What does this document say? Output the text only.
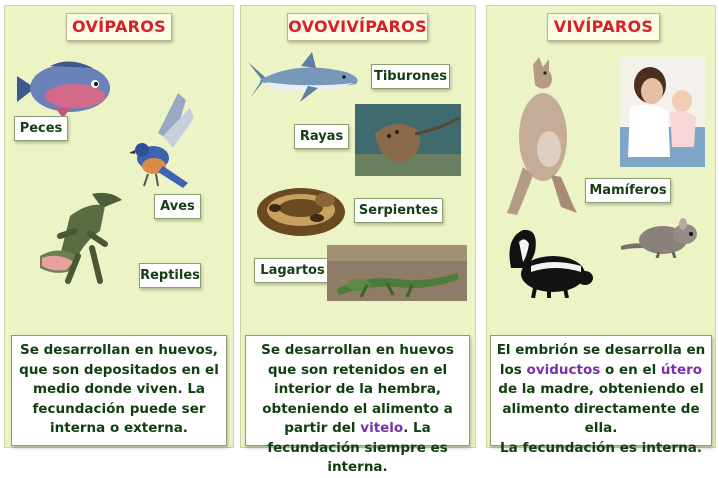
OVÍPAROS
Peces
Aves
Reptiles
Se desarrollan en huevos, que son depositados en el medio donde viven. La fecundación puede ser interna o externa.
OVOVIVÍPAROS
Tiburones
Rayas
Serpientes
Lagartos
Se desarrollan en huevos que son retenidos en el interior de la hembra, obteniendo el alimento a partir del vitelo. La fecundación siempre es interna.
VIVÍPAROS
Mamíferos
El embrión se desarrolla en los oviductos o en el útero de la madre, obteniendo el alimento directamente de ella.
La fecundación es interna.
